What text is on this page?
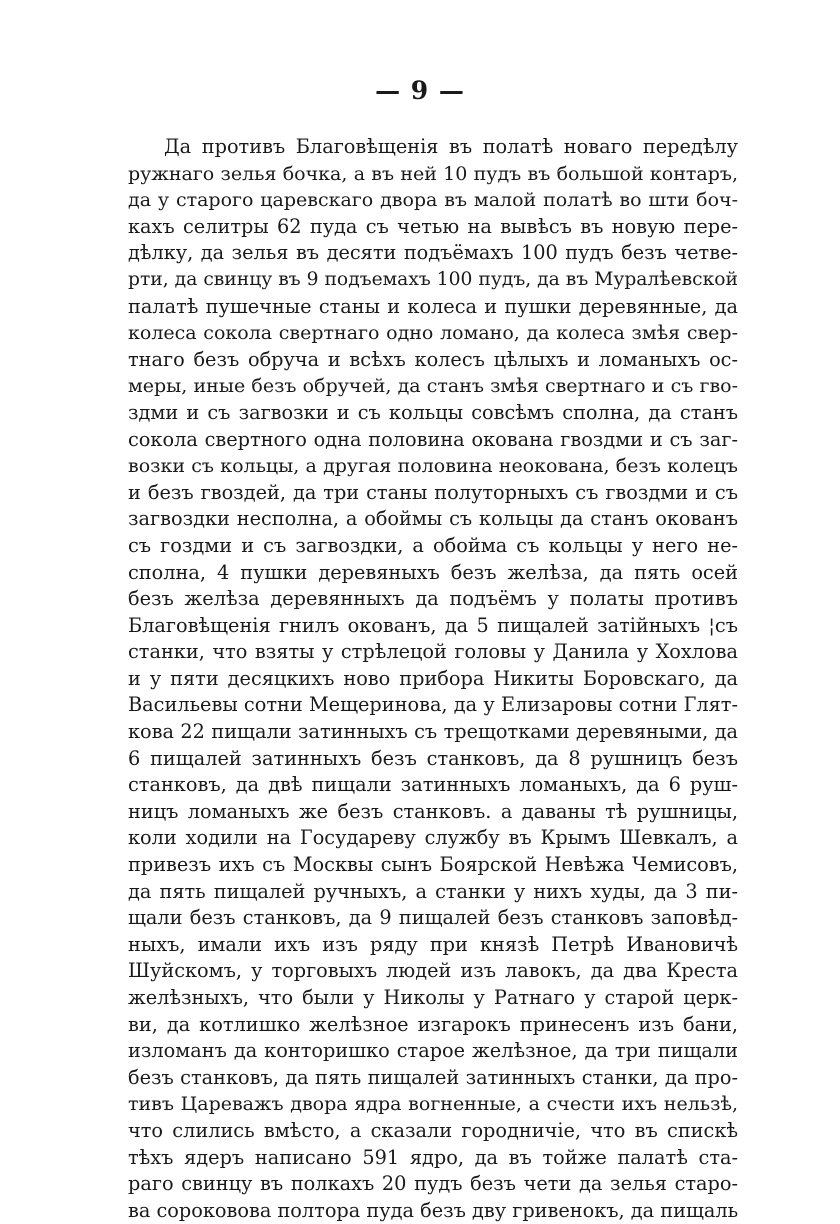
— 9 —
Да противъ Благовѣщенія въ полатѣ новаго передѣлу
ружнаго зелья бочка, а въ ней 10 пудъ въ большой контаръ,
да у старого царевскаго двора въ малой полатѣ во шти боч-
кахъ селитры 62 пуда съ четью на вывѣсъ въ новую пере-
дѣлку, да зелья въ десяти подъёмахъ 100 пудъ безъ четве-
рти, да свинцу въ 9 подъемахъ 100 пудъ, да въ Муралѣевской
палатѣ пушечные станы и колеса и пушки деревянные, да
колеса сокола свертнаго одно ломано, да колеса змѣя свер-
тнаго безъ обруча и всѣхъ колесъ цѣлыхъ и ломаныхъ ос-
меры, иные безъ обручей, да станъ змѣя свертнаго и съ гво-
здми и съ загвозки и съ кольцы совсѣмъ сполна, да станъ
сокола свертного одна половина окована гвоздми и съ заг-
возки съ кольцы, а другая половина неокована, безъ колецъ
и безъ гвоздей, да три станы полуторныхъ съ гвоздми и съ
загвоздки несполна, а обоймы съ кольцы да станъ окованъ
съ гоздми и съ загвоздки, а обойма съ кольцы у него не-
сполна, 4 пушки деревяныхъ безъ желѣза, да пять осей
безъ желѣза деревянныхъ да подъёмъ у полаты противъ
Благовѣщенія гнилъ окованъ, да 5 пищалей затійныхъ ¦съ
станки, что взяты у стрѣлецой головы у Данила у Хохлова
и у пяти десяцкихъ ново прибора Никиты Боровскаго, да
Васильевы сотни Мещеринова, да у Елизаровы сотни Глят-
кова 22 пищали затинныхъ съ трещотками деревяными, да
6 пищалей затинныхъ безъ станковъ, да 8 рушницъ безъ
станковъ, да двѣ пищали затинныхъ ломаныхъ, да 6 руш-
ницъ ломаныхъ же безъ станковъ. а даваны тѣ рушницы,
коли ходили на Государеву службу въ Крымъ Шевкалъ, а
привезъ ихъ съ Москвы сынъ Боярской Невѣжа Чемисовъ,
да пять пищалей ручныхъ, а станки у нихъ худы, да 3 пи-
щали безъ станковъ, да 9 пищалей безъ станковъ заповѣд-
ныхъ, имали ихъ изъ ряду при князѣ Петрѣ Ивановичѣ
Шуйскомъ, у торговыхъ людей изъ лавокъ, да два Креста
желѣзныхъ, что были у Николы у Ратнаго у старой церк-
ви, да котлишко желѣзное изгарокъ принесенъ изъ бани,
изломанъ да конторишко старое желѣзное, да три пищали
безъ станковъ, да пять пищалей затинныхъ станки, да про-
тивъ Цареважъ двора ядра вогненные, а счести ихъ нельзѣ,
что слились вмѣсто, а сказали городничіе, что въ спискѣ
тѣхъ ядеръ написано 591 ядро, да въ тойже палатѣ ста-
раго свинцу въ полкахъ 20 пудъ безъ чети да зелья старо-
ва сороковова полтора пуда безъ дву гривенокъ, да пищаль
